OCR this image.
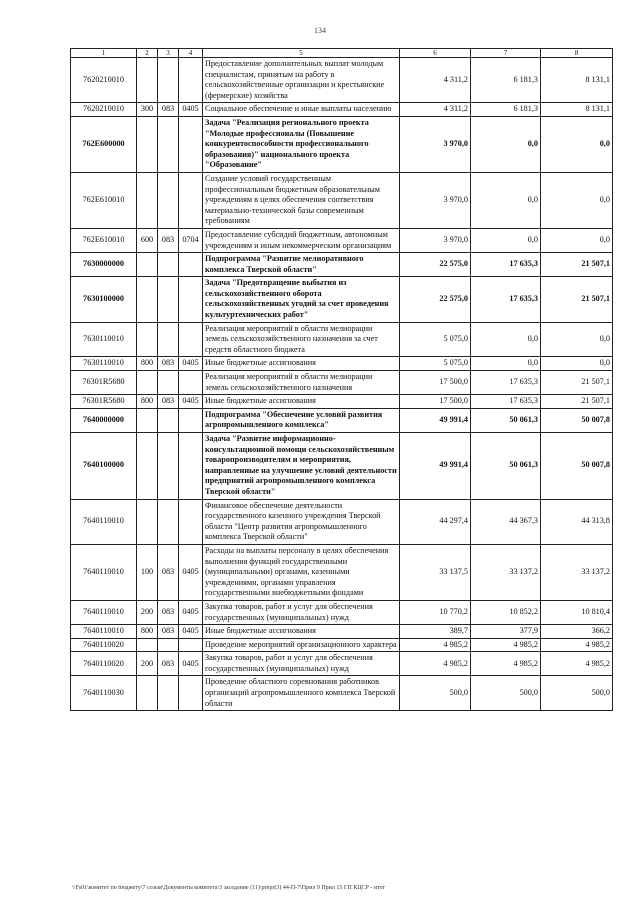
134
1	2	3	4	5	6	7	8
7620210010				Предоставление дополнительных выплат молодым специалистам, принятым на работу в сельскохозяйственные организации и крестьянские (фермерские) хозяйства	4 311,2	6 181,3	8 131,1
7620210010	300	083	0405	Социальное обеспечение и иные выплаты населению	4 311,2	6 181,3	8 131,1
762E600000				Задача "Реализация регионального проекта "Молодые профессионалы (Повышение конкурентоспособности профессионального образования)" национального проекта "Образование"	3 970,0	0,0	0,0
762E610010				Создание условий государственным профессиональным бюджетным образовательным учреждениям в целях обеспечения соответствия материально-технической базы современным требованиям	3 970,0	0,0	0,0
762E610010	600	083	0704	Предоставление субсидий бюджетным, автономным учреждениям и иным некоммерческим организациям	3 970,0	0,0	0,0
7630000000				Подпрограмма "Развитие мелиоративного комплекса Тверской области"	22 575,0	17 635,3	21 507,1
7630100000				Задача "Предотвращение выбытия из сельскохозяйственного оборота сельскохозяйственных угодий за счет проведения культуртехнических работ"	22 575,0	17 635,3	21 507,1
7630110010				Реализация мероприятий в области мелиорации земель сельскохозяйственного назначения за счет средств областного бюджета	5 075,0	0,0	0,0
7630110010	800	083	0405	Иные бюджетные ассигнования	5 075,0	0,0	0,0
76301R5680				Реализация мероприятий в области мелиорации земель сельскохозяйственного назначения	17 500,0	17 635,3	21 507,1
76301R5680	800	083	0405	Иные бюджетные ассигнования	17 500,0	17 635,3	21 507,1
7640000000				Подпрограмма "Обеспечение условий развития агропромышленного комплекса"	49 991,4	50 061,3	50 007,8
7640100000				Задача "Развитие информационно-консультационной помощи сельскохозяйственным товаропроизводителям и мероприятия, направленные на улучшение условий деятельности предприятий агропромышленного комплекса Тверской области"	49 991,4	50 061,3	50 007,8
7640110010				Финансовое обеспечение деятельности государственного казенного учреждения Тверской области "Центр развития агропромышленного комплекса Тверской области"	44 297,4	44 367,3	44 313,8
7640110010	100	083	0405	Расходы на выплаты персоналу в целях обеспечения выполнения функций государственными (муниципальными) органами, казенными учреждениями, органами управления государственными внебюджетными фондами	33 137,5	33 137,2	33 137,2
7640110010	200	083	0405	Закупка товаров, работ и услуг для обеспечения государственных (муниципальных) нужд	10 770,2	10 852,2	10 810,4
7640110010	800	083	0405	Иные бюджетные ассигнования	389,7	377,9	366,2
7640110020				Проведение мероприятий организационного характера	4 985,2	4 985,2	4 985,2
7640110020	200	083	0405	Закупка товаров, работ и услуг для обеспечения государственных (муниципальных) нужд	4 985,2	4 985,2	4 985,2
7640110030				Проведение областного соревнования работников организаций агропромышленного комплекса Тверской области	500,0	500,0	500,0
\\Fs01\комитет по бюджету\7 созыв\Документы комитета\3 заседание (11)\prepr(3) 44-П-7\Прил 9 Прил 15 ГП КЦСР - итог
